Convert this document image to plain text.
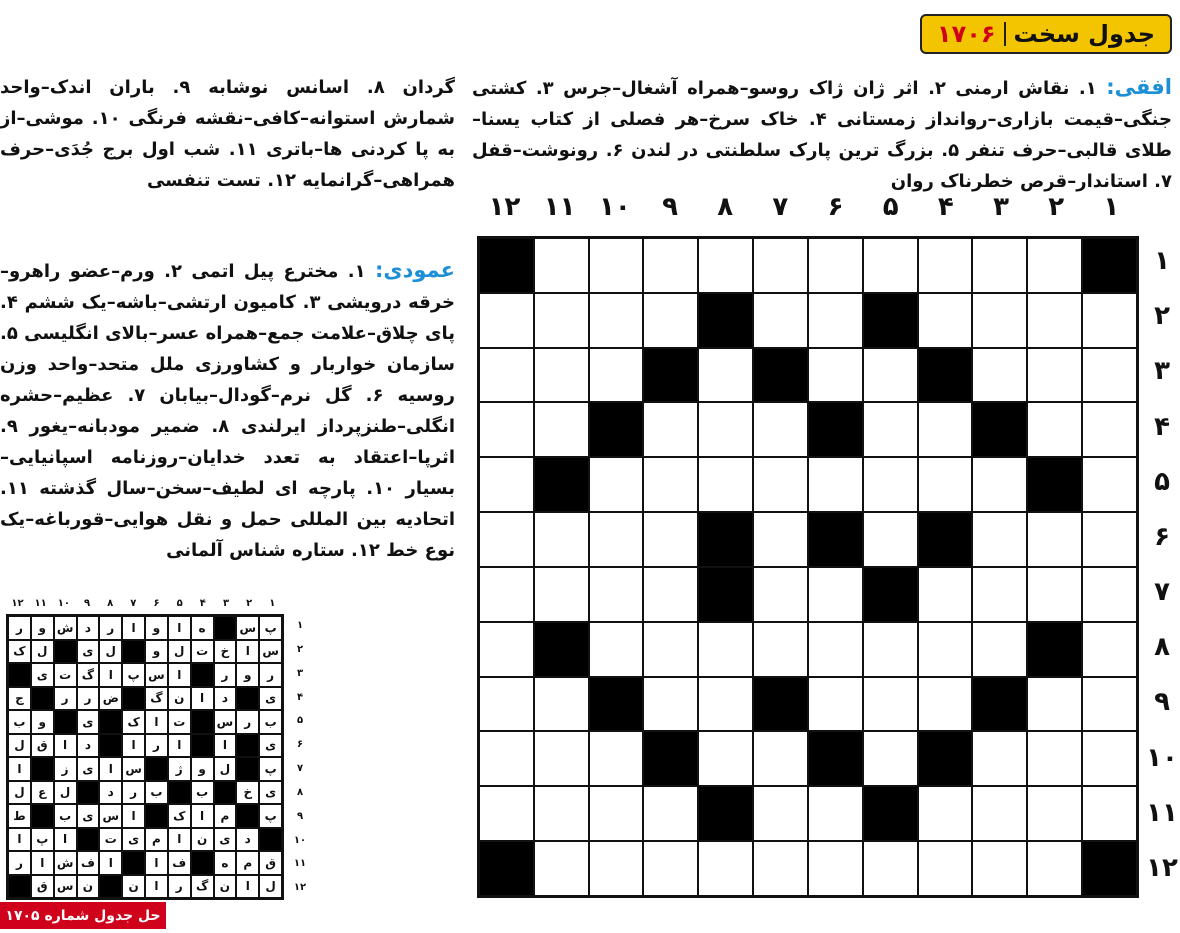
جدول سخت
۱۷۰۶
افقی: ۱. نقاش ارمنی ۲. اثر ژان ژاک روسو–همراه آشغال–جرس ۳. کشتی جنگی–قیمت بازاری–روانداز زمستانی ۴. خاک سرخ–هر فصلی از کتاب یسنا–طلای قالبی–حرف تنفر ۵. بزرگ ترین پارک سلطنتی در لندن ۶. رونوشت–قفل ۷. استاندار–قرص خطرناک روان
گردان ۸. اسانس نوشابه ۹. باران اندک–واحد شمارش استوانه–کافی–نقشه فرنگی ۱۰. موشی–از به پا کردنی ها–باتری ۱۱. شب اول برج جُدَی–حرف همراهی–گرانمایه ۱۲. تست تنفسی
عمودی: ۱. مخترع پیل اتمی ۲. ورم–عضو راهرو–خرقه درویشی ۳. کامیون ارتشی–باشه–یک ششم ۴. پای چلاق–علامت جمع–همراه عسر–بالای انگلیسی ۵. سازمان خواربار و کشاورزی ملل متحد–واحد وزن روسیه ۶. گل نرم–گودال–بیابان ۷. عظیم–حشره انگلی–طنزپرداز ایرلندی ۸. ضمیر مودبانه–یغور ۹. اثرپا–اعتقاد به تعدد خدایان–روزنامه اسپانیایی–بسیار ۱۰. پارچه ای لطیف–سخن–سال گذشته ۱۱. اتحادیه بین المللی حمل و نقل هوایی–قورباغه–یک نوع خط ۱۲. ستاره شناس آلمانی
۱
۲
۳
۴
۵
۶
۷
۸
۹
۱۰
۱۱
۱۲
۱
۲
۳
۴
۵
۶
۷
۸
۹
۱۰
۱۱
۱۲
۱
۲
۳
۴
۵
۶
۷
۸
۹
۱۰
۱۱
۱۲
۱
۲
۳
۴
۵
۶
۷
۸
۹
۱۰
۱۱
۱۲
پ
س
ه
ا
و
ا
ر
د
ش
و
ر
س
ا
خ
ت
ل
و
ل
ی
ل
ک
ر
و
ر
ا
س
پ
ا
گ
ت
ی
ی
د
ا
ن
گ
ض
ر
ر
ج
ب
ر
س
ت
ا
ک
ی
و
ب
ی
ا
ا
ر
ا
د
ا
ق
ل
پ
ل
و
ژ
س
ا
ی
ز
ا
ی
خ
ب
ب
ر
د
ل
ع
ل
پ
م
ا
ک
ا
س
ی
ب
ط
د
ی
ن
ا
م
ی
ت
ا
پ
ا
ق
م
ه
ف
ا
ا
ف
ش
ا
ر
ل
ا
ن
گ
ر
ا
ن
ن
س
ق
حل جدول شماره ۱۷۰۵
